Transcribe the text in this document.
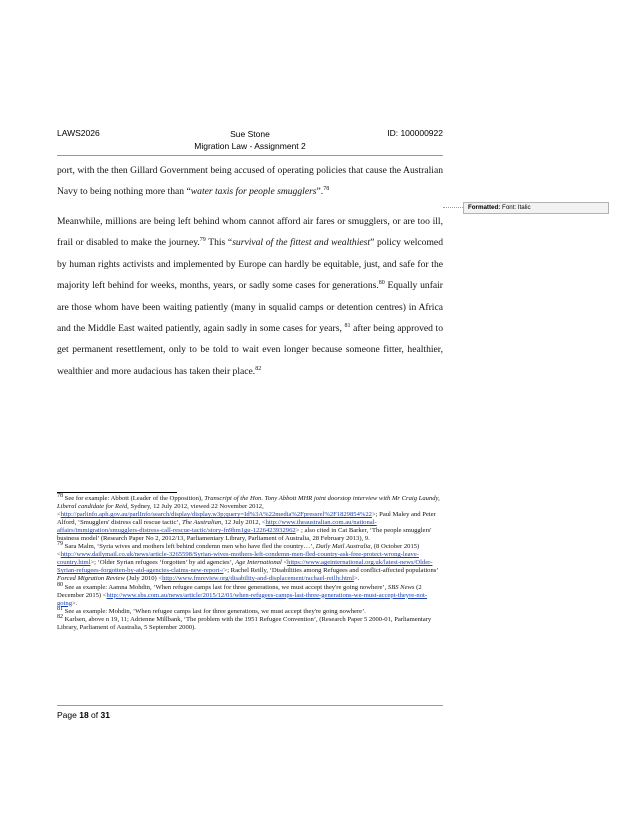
LAWS2026	Sue Stone
Migration Law - Assignment 2
ID: 100000922

port, with the then Gillard Government being accused of operating policies that cause the Australian Navy to being nothing more than “water taxis for people smugglers”.$^{78}$

Meanwhile, millions are being left behind whom cannot afford air fares or smugglers, or are too ill, frail or disabled to make the journey.$^{79}$ This “survival of the fittest and wealthiest” policy welcomed by human rights activists and implemented by Europe can hardly be equitable, just, and safe for the majority left behind for weeks, months, years, or sadly some cases for generations.$^{80}$ Equally unfair are those whom have been waiting patiently (many in squalid camps or detention centres) in Africa and the Middle East waited patiently, again sadly in some cases for years, $^{81}$ after being approved to get permanent resettlement, only to be told to wait even longer because someone fitter, healthier, wealthier and more audacious has taken their place.$^{82}$

Formatted: Font: Italic

$^{78}$ See for example: Abbott (Leader of the Opposition), Transcript of the Hon. Tony Abbott MHR joint doorstop interview with Mr Craig Laundy, Liberal candidate for Reid, Sydney, 12 July 2012, viewed 22 November 2012, <http://parlinfo.aph.gov.au/parlInfo/search/display/display.w3p;query=Id%3A%22media%2Fpressrel%2F1829854%22>; Paul Maley and Peter Alford, ‘Smugglers' distress call rescue tactic’, The Australian, 12 July 2012, <http://www.theaustralian.com.au/national-affairs/immigration/smugglers-distress-call-rescue-tactic/story-fn9hm1gu-1226423932962> ; also cited in Cat Barker, ‘The people smugglers' business model’ (Research Paper No 2, 2012/13, Parliamentary Library, Parliament of Australia, 28 February 2013), 9.

$^{79}$ Sara Malm, ‘Syria wives and mothers left behind condemn men who have fled the country…’, Daily Mail Australia, (8 October 2015) <http://www.dailymail.co.uk/news/article-3265598/Syrian-wives-mothers-left-condemn-men-fled-country-ask-free-protect-wrong-leave-country.html>; ‘Older Syrian refugees ‘forgotten’ by aid agencies’, Age International <https://www.ageinternational.org.uk/latest-news/Older-Syrian-refugees-forgotten-by-aid-agencies-claims-new-report-/>; Rachel Reilly, ‘Disabilities among Refugees and conflict-affected populations’ Forced Migration Review (July 2010) <http://www.fmreview.org/disability-and-displacement/rachael-reilly.html>.

$^{80}$ See as example: Aamna Mohdin, ‘When refugee camps last for three generations, we must accept they're going nowhere’, SBS News (2 December 2015) <http://www.sbs.com.au/news/article/2015/12/01/when-refugees-camps-last-three-generations-we-must-accept-theyre-not-going>.

$^{81}$ See as example: Mohdin, ‘When refugee camps last for three generations, we must accept they're going nowhere’.

$^{82}$ Karlsen, above n 19, 11; Adrienne Millbank, ‘The problem with the 1951 Refugee Convention’, (Research Paper 5 2000-01, Parliamentary Library, Parliament of Australia, 5 September 2000).

Page 18 of 31
